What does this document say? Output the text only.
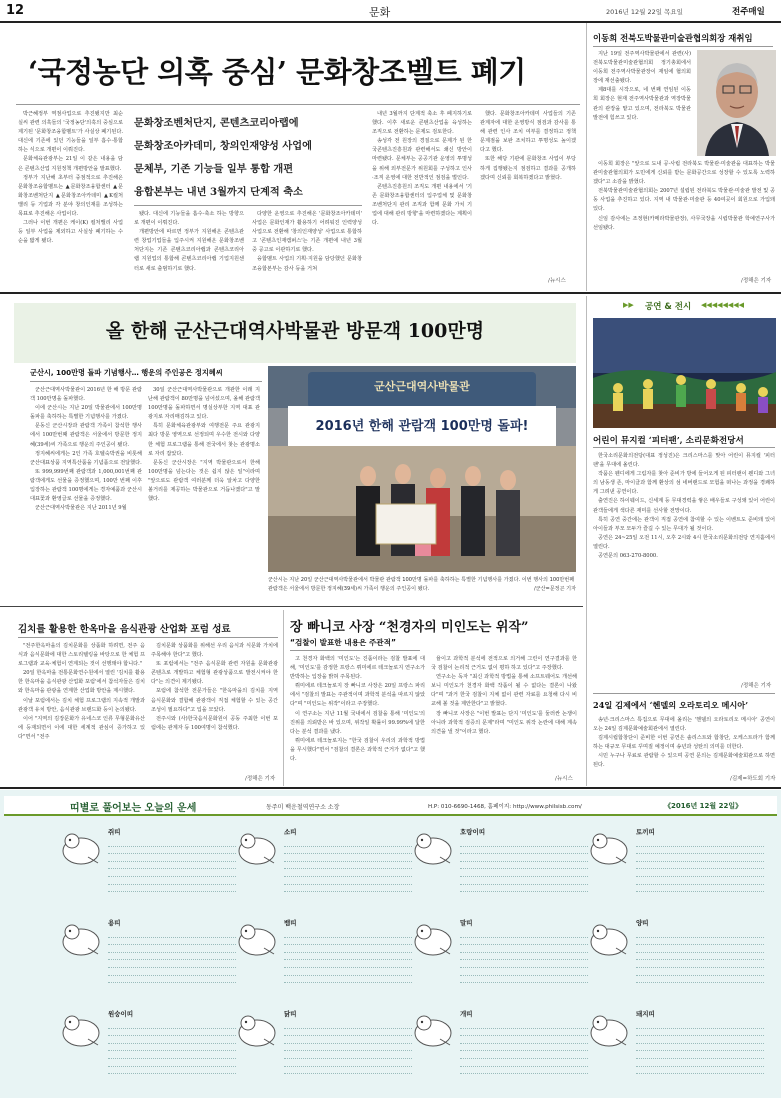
12	문화	2016년 12월 22일 목요일	전주매일
‘국정농단 의혹 중심’ 문화창조벨트 폐기

박근혜정부 역점사업으로 추진됐지만 최순실씨 관련 의혹들의 '국정농단'의혹의 중심으로 제기된 '문화창조융합벨트'가 사실상 폐기된다. 대신에 기존에 있던 기능들을 일부 흡수·통합하는 식으로 개편이 이뤄진다.

문화체육관광부는 21일 이 같은 내용을 담은 콘텐츠산업 지원정책 개편방안을 발표했다.

정부가 지난해 초부터 중점적으로 추진해온 문화창조융합벨트는 ▲문화창조융합센터 ▲문화창조벤처단지 ▲문화창조아카데미 ▲K컬처밸리 등 기업과 각 분야 창의인재를 조성하는 목표로 추진해온 사업이다.

그러나 이번 개편은 케이(K) 컬처밸리 사업 등 일부 사업을 제외하고 사실상 폐기하는 수순을 밟게 됐다.

문화창조벤처단지, 콘텐츠코리아랩에
문화창조아카데미, 창의인재양성 사업에
문체부, 기존 기능들 일부 통합 개편
융합본부는 내년 3월까지 단계적 축소

됐다. 대신에 기능들을 흡수·축소 하는 방향으로 개편이 이뤄진다.

개편방안에 따르면 정부가 지원해온 콘텐츠관련 창업기업들을 입주시켜 지원해온 문화창조벤처단지는 기존 콘텐츠코리아랩과 콘텐츠코리아랩 지원업의 통합해 콘텐츠코리아랩 기업지원센터로 새로 출범하기로 했다.

다양한 운영으로 추진해온 '문화창조아카데미' 사업은 문화인재가 활용하기 어려워진 인력양성사업으로 전환해 '창의인재양성' 사업으로 통합하고 '콘텐츠인재캠퍼스'는 기존 개편에 내년 3월 중 공고로 이관하기로 했다.

융합벨트 사업의 기획·지원을 담당했던 문화창조융합본부는 감사 등을 거쳐

내년 3월까지 단계적 축소 후 폐지하기로 했다. 이후 새로운 콘텐츠산업을 육성하는 조직으로 전환하는 문제도 검토한다.

송성각 전 원장의 경질으로 문제가 된 한국콘텐츠진흥원과 관련해서도 쇄신 방안이 마련됐다. 문체부는 공공기관 운영의 투명성을 위해 외부전문가 위원회를 구성하고 인사·조직 운영에 대한 전반적인 점검을 벌인다.

콘텐츠진흥원의 조직도 개편 내용에서 '기존 문화창조융합센터의 입주업체 및 문화창조벤처단지 관리 조직과 함께 문화 가치 기업에 대해 관리 방향'을 마련하겠다는 계획이다.

했다. 문화창조아카데미 사업들의 기존 관계자에 대한 운영방식 점검과 감사를 통해 관련 인사 조치 여부를 결정하고 정책 문제점을 보완 조치하고 투명성도 높이겠다고 했다.

또한 해당 기관에 문화창조 사업이 부당하게 집행됐는지 점검하고 결과를 공개하겠다며 신뢰를 회복하겠다고 밝혔다.

/뉴시스
이동희 전북도박물관미술관협의회장 재취임

지난 19일 전주역사박물관에서 관련(사)전북도박물관미술관협의회 정기총회에서 이동희 전주역사박물관장이 재임에 협의회장에 재선출됐다.

제8대를 시작으로, 네 번째 연임된 이동희 회장은 현재 전주역사박물관과 역장박물관의 관장을 맡고 있으며, 전라북도 박물관 발전에 힘쓰고 있다.

이동희 회장은 "앞으로 도내 공·사립 전라북도 박물관·미술관을 대표하는 박물관미술관협의회가 도민에게 신뢰를 받는 문화공간으로 성장할 수 있도록 노력하겠다"고 소감을 밝혔다.

전북박물관미술관협의회는 2007년 설립된 전라북도 박물관·미술관 발전 및 공동 사업을 추진하고 있다. 지역 내 박물관·미술관 등 40여곳이 회원으로 가입돼 있다.

신임 감사에는 조정현(카메라박물관장), 사무국장을 시립박물관 학예연구사가 선임됐다.

/정해은 기자
올 한해 군산근대역사박물관 방문객 100만명
군산시, 100만명 돌파 기념행사… 행운의 주인공은 정지혜씨

군산근대역사박물관이 2016년 한 해 방문 관람객 100만명을 돌파했다.

이에 군산시는 지난 20일 박물관에서 100만명 돌파를 축하하는 특별한 기념행사를 가졌다.

문동신 군산시장과 관람객 가족이 참석한 행사에서 100만번째 관람객은 서울에서 방문한 정지혜(39세)씨 가족으로 행운의 주인공이 됐다.

정지혜씨에게는 2인 가족 호텔숙박권을 비롯해 군산대표상품 지역특산품을 기념품으로 전달했다.

또 999,999번째 관람객과 1,000,001번째 관람객에게도 선물을 증정했으며, 100만 번째 이후 입장하는 관람객 100명에게는 경자예품과 군산시 대표꽃과 환영글로 선물을 증정했다.

군산근대역사박물관은 지난 2011년 9월

30일 군산근대역사박물관으로 개관한 이래 지난해 관람객이 80만명을 넘어섰으며, 올해 관람객 100만명을 돌파하면서 명실상부한 지역 대표 관광지로 자리매김하고 있다.

특히 문화체육관광부와 여행전문 주요 관광지 최다 방문 영역으로 선정되며 우수한 전시와 다양한 체험 프로그램을 통해 전국에서 찾는 관광명소로 자리 잡았다.

문동신 군산시장은 "지역 박물관으로서 한해 100만명을 넘는다는 것은 쉽지 않은 일"이라며 "앞으로도 관람객 여러분께 더욱 알차고 다양한 볼거리를 제공하는 박물관으로 거듭나겠다"고 말했다.

군산근대역사박물관
2016년 한해 관람객 100만명 돌파!
군산시는 지난 20일 군산근대역사박물관에서 박물관 관람객 100만명 돌파를 축하하는 특별한 기념행사를 가졌다. 이번 행사의 100만번째 관람객은 서울에서 방문한 정지혜(39세)씨 가족이 행운의 주인공이 됐다.	/군산=문정곤 기자
김치를 활용한 한옥마을 음식관광 산업화 포럼 성료

"전주한옥마을의 김치문화를 상품화 하려면, 전주 음식과 음식문화에 대한 스토리텔링을 바탕으로 한 체험 프로그램과 교육·체험이 연계되는 것이 선행돼야 합니다."

20일 한옥마을 전통문화연수원에서 열린 '김치를 활용한 한옥마을 음식관광 산업화 포럼'에서 참석자들은 김치와 한옥마을 관광을 연계한 산업화 방안을 제시했다.

이날 포럼에서는 김치 체험 프로그램의 지속적 개발과 관광객 유치 방안, 음식관광 브랜드화 등이 논의됐다.

이어 "지역의 김장문화가 유네스코 인류 무형문화유산에 등재되면서 이에 대한 세계적 관심이 증가하고 있다"면서 "전주

김치문화 상품화를 위해선 우리 음식과 식문화 가치에 주목해야 한다"고 했다.

또 포럼에서는 "전주 음식문화 관련 자원을 문화관광 콘텐츠로 개발하고 체험형 관광상품으로 발전시켜야 한다"는 의견이 제기됐다.

포럼에 참석한 전문가들은 "한옥마을의 김치를 지역 음식문화와 결합해 관광객이 직접 체험할 수 있는 공간 조성이 필요하다"고 입을 모았다.

전주시와 (사)한국음식문화원이 공동 주최한 이번 포럼에는 관계자 등 100여명이 참석했다.

/정해은 기자
장 빠니코 사장 “천경자의 미인도는 위작”
“검찰이 발표한 내용은 주관적”

고 천경자 화백의 '미인도'는 진품이라는 검찰 발표에 대해, '미인도'를 감정한 프랑스 뤼미에르 테크놀로지 연구소가 반박하는 입장을 밝혀 주목된다.

뤼미에르 테크놀로지 장 빠니코 사장은 20일 프랑스 파리에서 "검찰의 발표는 주관적이며 과학적 분석을 따르지 않았다"며 "미인도는 위작"이라고 주장했다.

이 연구소는 지난 11월 국내에서 검찰을 통해 '미인도'의 진위를 의뢰받은 바 있으며, 위작일 확률이 99.99%에 달한다는 분석 결과를 냈다.

뤼미에르 테크놀로지는 "한국 검찰이 우리의 과학적 방법을 무시했다"면서 "검찰의 결론은 과학적 근거가 없다"고 했다.

율이고 과학적 분석에 전적으로 의거해 그린이 연구결과를 한국 검찰이 논리적 근거도 없이 평하 하고 있다"고 주장했다.

연구소는 독자 "최신 과학적 방법을 통해 소프트웨어도 개선해 보니 미인도가 천경자 화백 작품이 될 수 없다는 결론이 나왔다"며 "과거 한국 검찰이 지체 없이 관련 자료를 요청해 다시 비교해 볼 것을 제안한다"고 밝혔다.

장 빠니코 사장은 "이번 발표는 단지 '미인도'를 둘러싼 논쟁이 아니라 과학적 검증의 문제"라며 "미인도 위작 논란에 대해 계속 의견을 낼 것"이라고 했다.

/뉴시스
▶▶ 공연 & 전시 ◀◀◀◀◀◀◀◀
어린이 뮤지컬 ‘피터팬’, 소리문화전당서

한국소리문화의전당(대표 정성진)은 크리스마스를 맞아 어린이 뮤지컬 '피터팬'을 무대에 올린다.

작품은 웬디에게 그림자를 찾아 준비가 방에 들어오게 된 피터팬이 웬디와 그녀의 남동생 존, 마이클과 함께 환상의 섬 네버랜드로 모험을 떠나는 과정을 경쾌하게 그려낸 공연이다.

출연진은 하이웨이드, 신세계 등 무대경력을 쌓은 배우들로 구성돼 있어 어린이 관객들에게 색다른 재미를 선사할 전망이다.

특히 공연 중간에는 관객이 직접 공연에 참여할 수 있는 이벤트도 준비돼 있어 아이들과 부모 모두가 즐길 수 있는 무대가 될 것이다.

공연은 24~25일 오전 11시, 오후 2시와 4시 한국소리문화의전당 연지홀에서 열린다.

공연문의 063-270-8000.

/정해은 기자
24일 김제에서 ‘헨델의 오라토리오 메시아’

송년·크리스마스 특집으로 무대에 올리는 '헨델의 오라토리오 메시아' 공연이 오는 24일 김제문화예술회관에서 열린다.

김제시립합창단이 준비한 이번 공연은 솔리스트와 합창단, 오케스트라가 함께하는 대규모 무대로 꾸며질 예정이며 송년과 성탄의 의미를 더한다.

시민 누구나 무료로 관람할 수 있으며 공연 문의는 김제문화예술회관으로 하면 된다.

/김제=하도회 기자
띠별로 풀어보는 오늘의 운세	동주미 백운철역연구소 소장	H.P: 010-6690-1468, 홈페이지: http://www.philsisb.com/	《2016년 12월 22일》
쥐띠	소띠	호랑이띠	토끼띠
용띠	뱀띠	말띠	양띠
원숭이띠	닭띠	개띠	돼지띠
